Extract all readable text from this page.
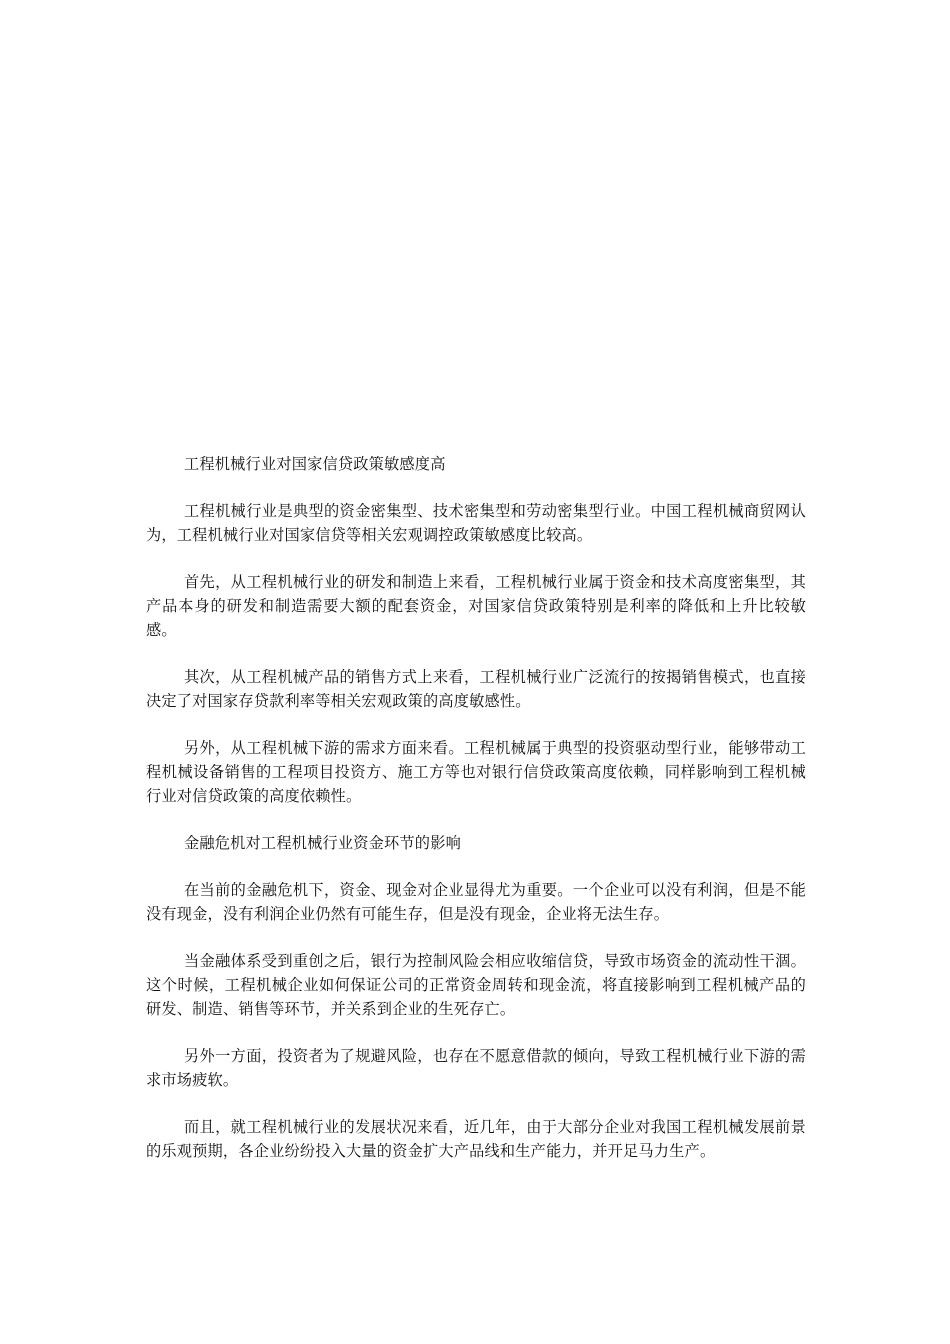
工程机械行业对国家信贷政策敏感度高

工程机械行业是典型的资金密集型、技术密集型和劳动密集型行业。中国工程机械商贸网认为，工程机械行业对国家信贷等相关宏观调控政策敏感度比较高。

首先，从工程机械行业的研发和制造上来看，工程机械行业属于资金和技术高度密集型，其产品本身的研发和制造需要大额的配套资金，对国家信贷政策特别是利率的降低和上升比较敏感。

其次，从工程机械产品的销售方式上来看，工程机械行业广泛流行的按揭销售模式，也直接决定了对国家存贷款利率等相关宏观政策的高度敏感性。

另外，从工程机械下游的需求方面来看。工程机械属于典型的投资驱动型行业，能够带动工程机械设备销售的工程项目投资方、施工方等也对银行信贷政策高度依赖，同样影响到工程机械行业对信贷政策的高度依赖性。

金融危机对工程机械行业资金环节的影响

在当前的金融危机下，资金、现金对企业显得尤为重要。一个企业可以没有利润，但是不能没有现金，没有利润企业仍然有可能生存，但是没有现金，企业将无法生存。

当金融体系受到重创之后，银行为控制风险会相应收缩信贷，导致市场资金的流动性干涸。这个时候，工程机械企业如何保证公司的正常资金周转和现金流，将直接影响到工程机械产品的研发、制造、销售等环节，并关系到企业的生死存亡。

另外一方面，投资者为了规避风险，也存在不愿意借款的倾向，导致工程机械行业下游的需求市场疲软。

而且，就工程机械行业的发展状况来看，近几年，由于大部分企业对我国工程机械发展前景的乐观预期，各企业纷纷投入大量的资金扩大产品线和生产能力，并开足马力生产。
